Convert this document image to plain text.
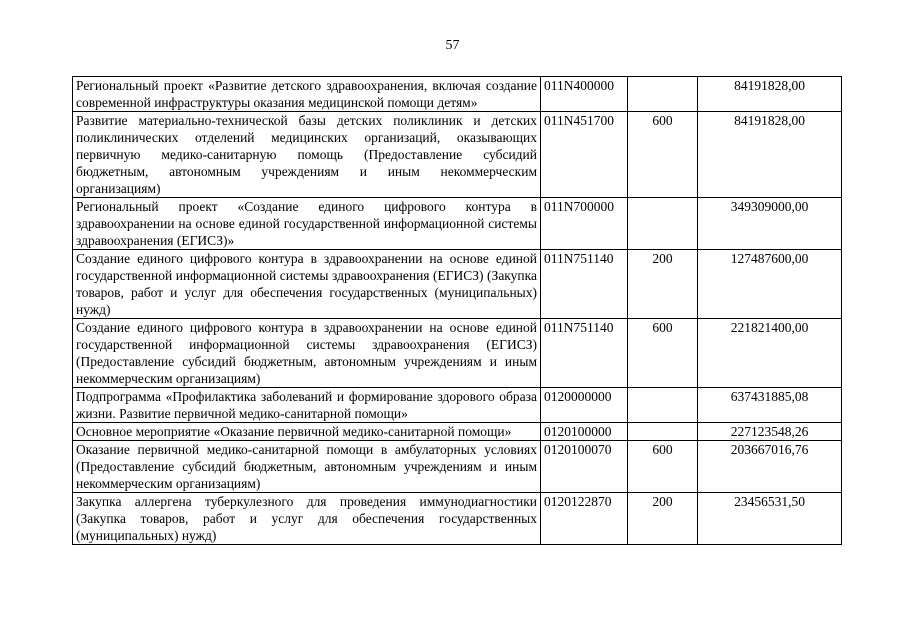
57
Региональный проект «Развитие детского здравоохранения, включая создание современной инфраструктуры оказания медицинской помощи детям»	011N400000		84191828,00
Развитие материально-технической базы детских поликлиник и детских поликлинических отделений медицинских организаций, оказывающих первичную медико-санитарную помощь (Предоставление субсидий бюджетным, автономным учреждениям и иным некоммерческим организациям)	011N451700	600	84191828,00
Региональный проект «Создание единого цифрового контура в здравоохранении на основе единой государственной информационной системы здравоохранения (ЕГИСЗ)»	011N700000		349309000,00
Создание единого цифрового контура в здравоохранении на основе единой государственной информационной системы здравоохранения (ЕГИСЗ) (Закупка товаров, работ и услуг для обеспечения государственных (муниципальных) нужд)	011N751140	200	127487600,00
Создание единого цифрового контура в здравоохранении на основе единой государственной информационной системы здравоохранения (ЕГИСЗ) (Предоставление субсидий бюджетным, автономным учреждениям и иным некоммерческим организациям)	011N751140	600	221821400,00
Подпрограмма «Профилактика заболеваний и формирование здорового образа жизни. Развитие первичной медико-санитарной помощи»	0120000000		637431885,08
Основное мероприятие «Оказание первичной медико-санитарной помощи»	0120100000		227123548,26
Оказание первичной медико-санитарной помощи в амбулаторных условиях (Предоставление субсидий бюджетным, автономным учреждениям и иным некоммерческим организациям)	0120100070	600	203667016,76
Закупка аллергена туберкулезного для проведения иммунодиагностики (Закупка товаров, работ и услуг для обеспечения государственных (муниципальных) нужд)	0120122870	200	23456531,50
